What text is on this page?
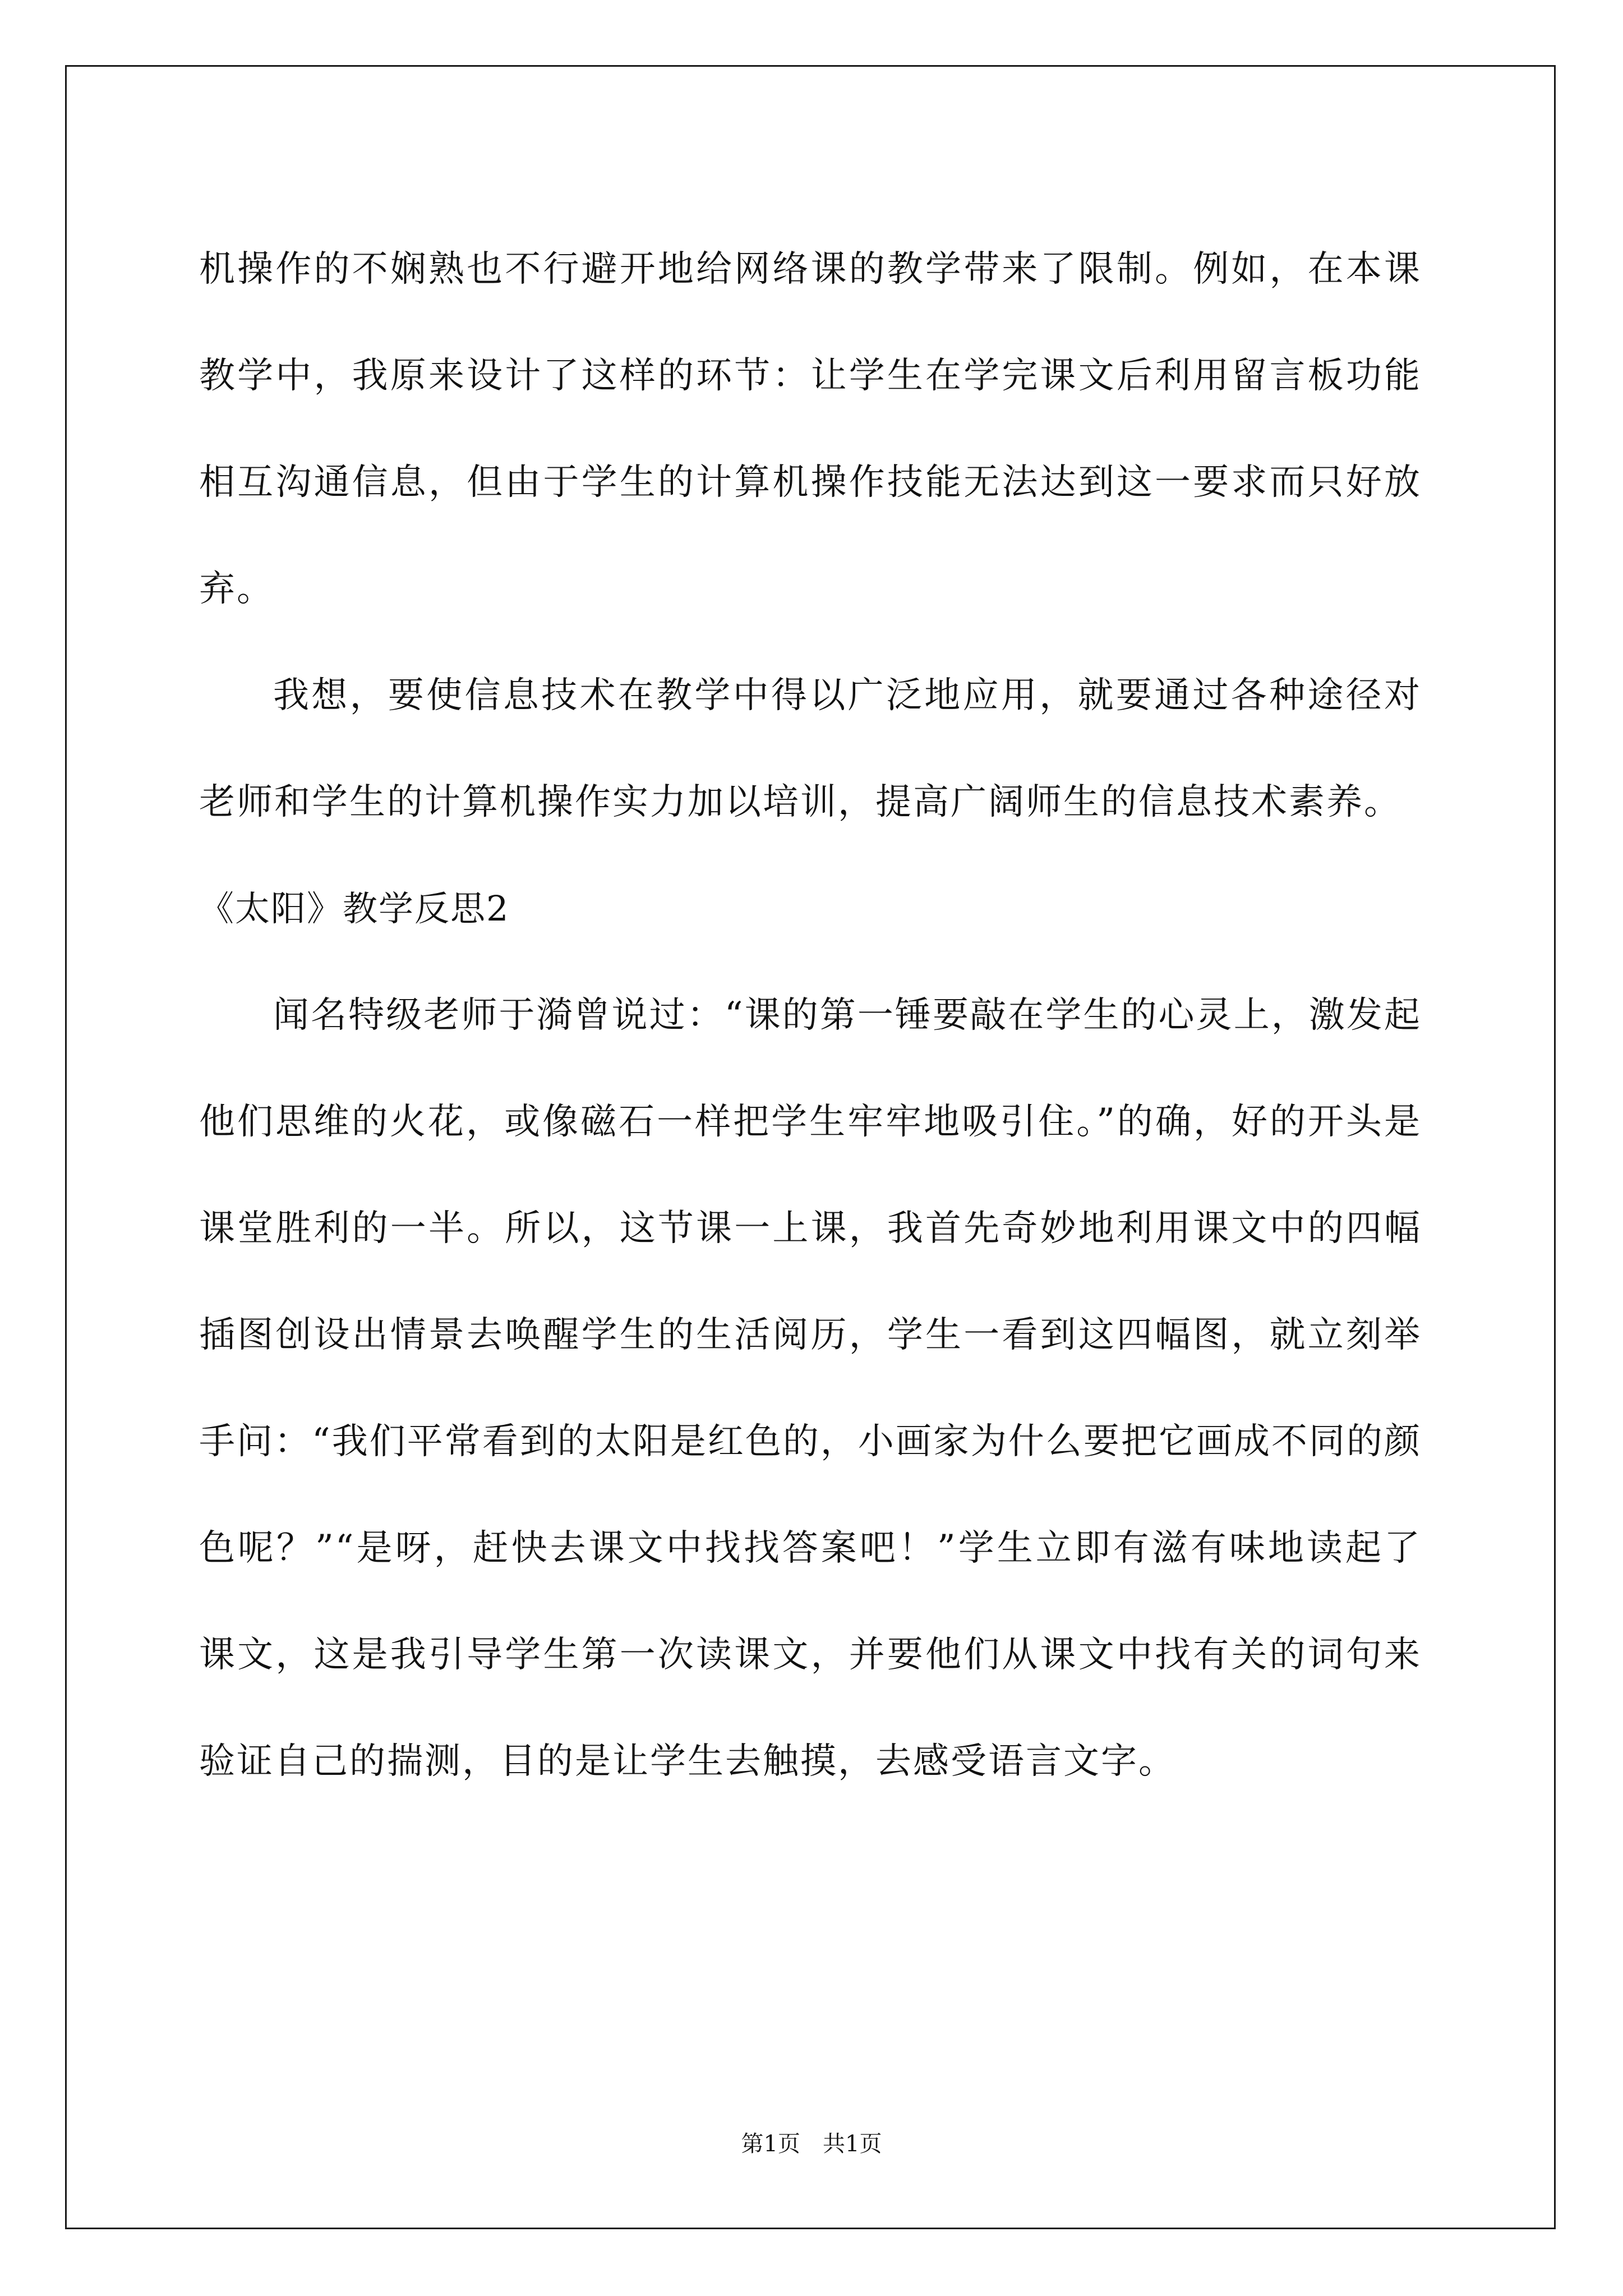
机操作的不娴熟也不行避开地给网络课的教学带来了限制。例如，在本课教学中，我原来设计了这样的环节：让学生在学完课文后利用留言板功能相互沟通信息，但由于学生的计算机操作技能无法达到这一要求而只好放弃。

我想，要使信息技术在教学中得以广泛地应用，就要通过各种途径对老师和学生的计算机操作实力加以培训，提高广阔师生的信息技术素养。

《太阳》教学反思2

闻名特级老师于漪曾说过：“课的第一锤要敲在学生的心灵上，激发起他们思维的火花，或像磁石一样把学生牢牢地吸引住。”的确，好的开头是课堂胜利的一半。所以，这节课一上课，我首先奇妙地利用课文中的四幅插图创设出情景去唤醒学生的生活阅历，学生一看到这四幅图，就立刻举手问：“我们平常看到的太阳是红色的，小画家为什么要把它画成不同的颜色呢？”“是呀，赶快去课文中找找答案吧！”学生立即有滋有味地读起了课文，这是我引导学生第一次读课文，并要他们从课文中找有关的词句来验证自己的揣测，目的是让学生去触摸，去感受语言文字。

第1页 共1页
